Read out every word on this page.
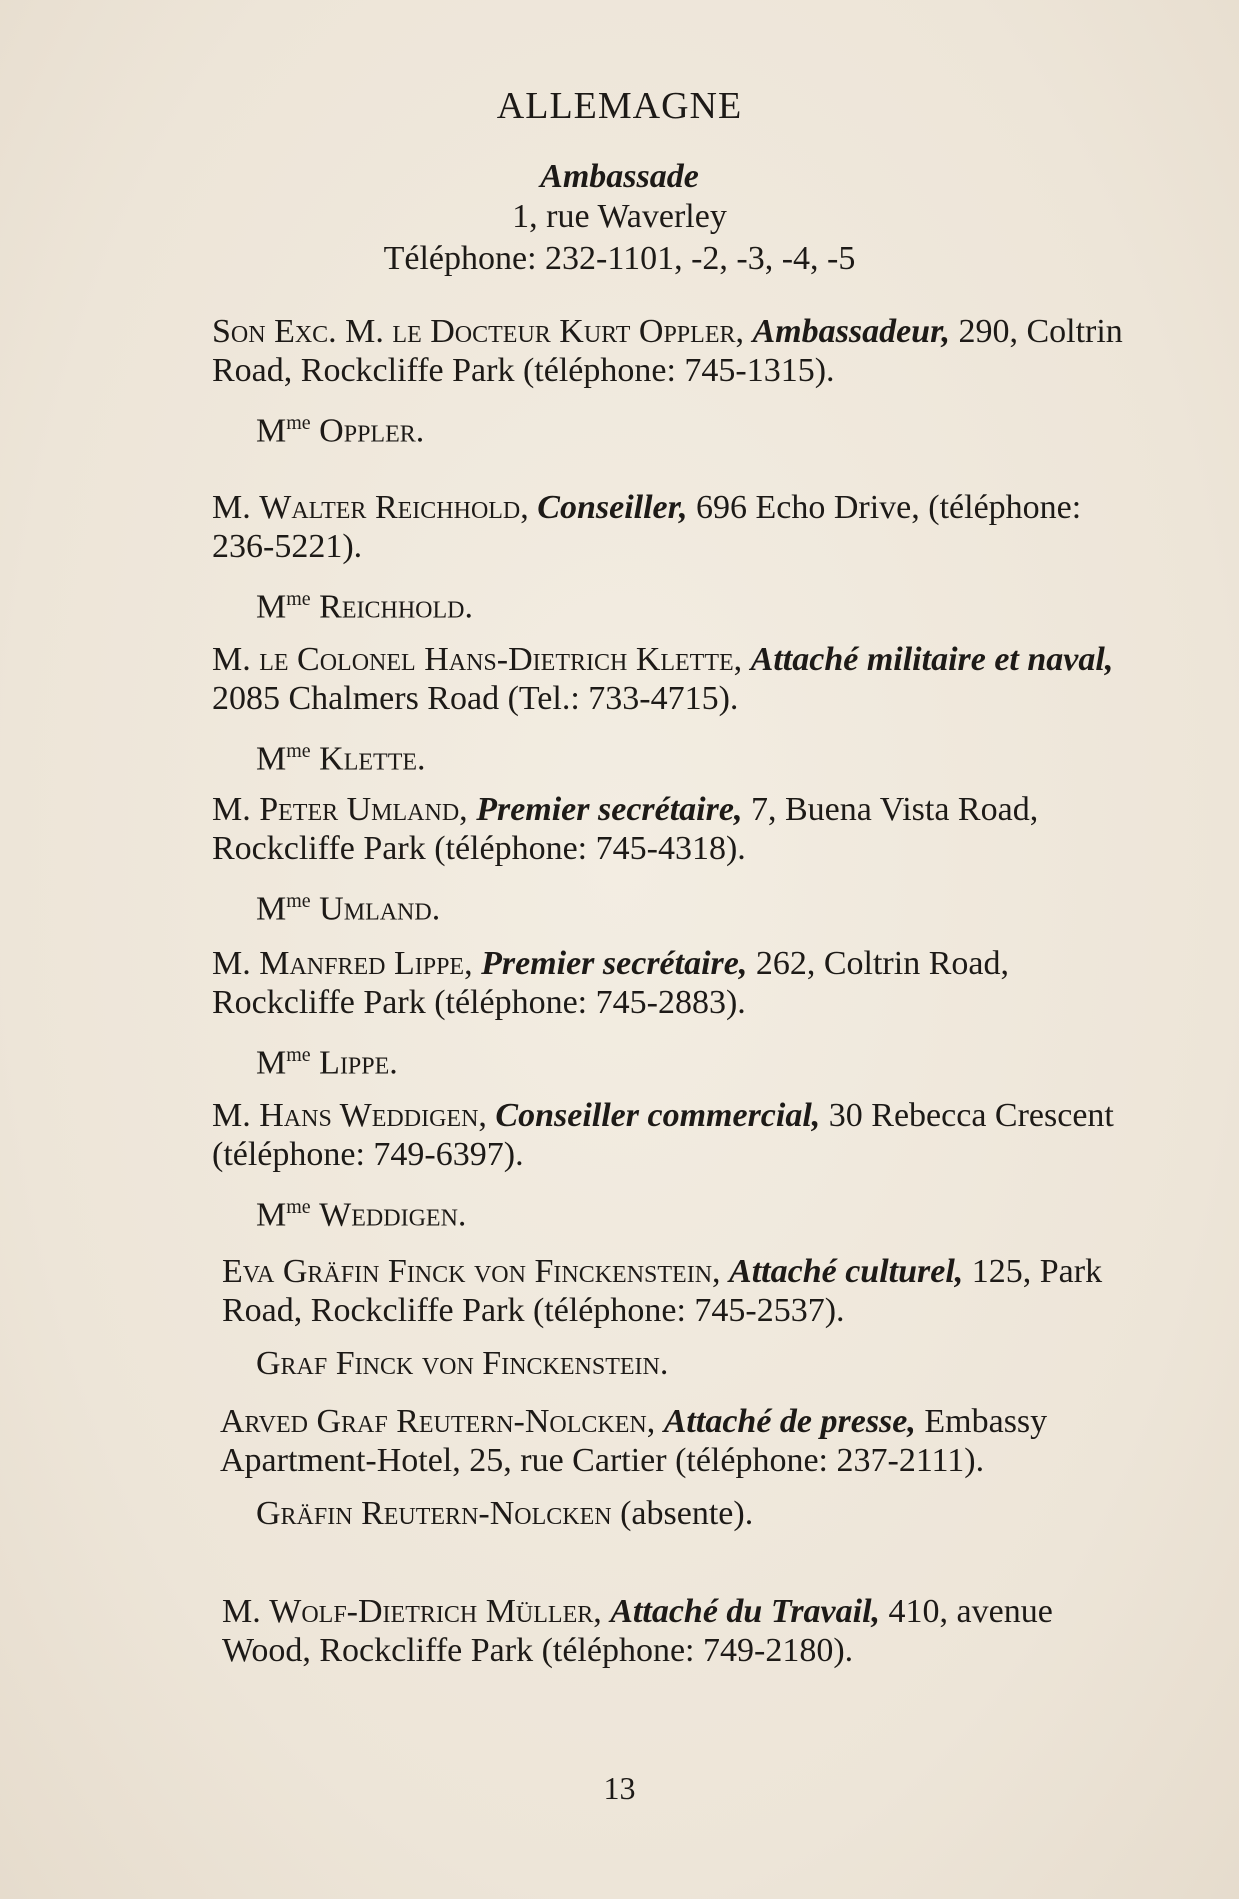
ALLEMAGNE
Ambassade
1, rue Waverley
Téléphone: 232-1101, -2, -3, -4, -5
Son Exc. M. le Docteur Kurt Oppler, Ambassadeur, 290, Coltrin Road, Rockcliffe Park (téléphone: 745-1315).
$M^{me}$ Oppler.
M. Walter Reichhold, Conseiller, 696 Echo Drive, (téléphone: 236-5221).
$M^{me}$ Reichhold.
M. le Colonel Hans-Dietrich Klette, Attaché militaire et naval, 2085 Chalmers Road (Tel.: 733-4715).
$M^{me}$ Klette.
M. Peter Umland, Premier secrétaire, 7, Buena Vista Road, Rockcliffe Park (téléphone: 745-4318).
$M^{me}$ Umland.
M. Manfred Lippe, Premier secrétaire, 262, Coltrin Road, Rockcliffe Park (téléphone: 745-2883).
$M^{me}$ Lippe.
M. Hans Weddigen, Conseiller commercial, 30 Rebecca Crescent (téléphone: 749-6397).
$M^{me}$ Weddigen.
Eva Gräfin Finck von Finckenstein, Attaché culturel, 125, Park Road, Rockcliffe Park (téléphone: 745-2537).
Graf Finck von Finckenstein.
Arved Graf Reutern-Nolcken, Attaché de presse, Embassy Apartment-Hotel, 25, rue Cartier (téléphone: 237-2111).
Gräfin Reutern-Nolcken (absente).
M. Wolf-Dietrich Müller, Attaché du Travail, 410, avenue Wood, Rockcliffe Park (téléphone: 749-2180).
13
